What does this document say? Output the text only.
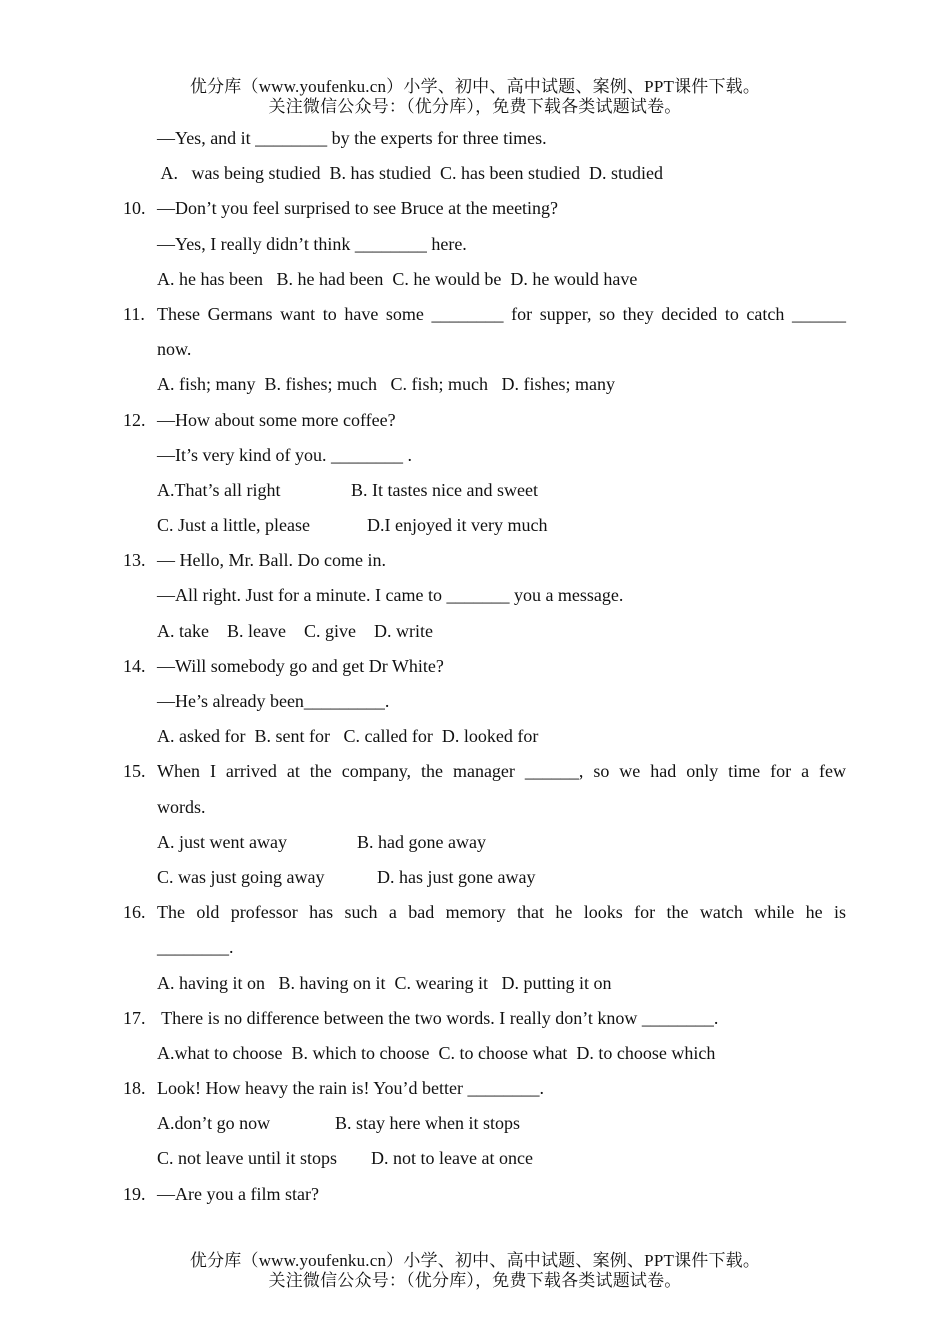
优分库（www.youfenku.cn）小学、初中、高中试题、案例、PPT课件下载。
关注微信公众号：（优分库），免费下载各类试题试卷。
—Yes, and it ________ by the experts for three times.
A.   was being studied  B. has studied  C. has been studied  D. studied
10. —Don’t you feel surprised to see Bruce at the meeting?
—Yes, I really didn’t think ________ here.
A. he has been   B. he had been  C. he would be  D. he would have
11. These Germans want to have some ________ for supper, so they decided to catch ______
now.
A. fish; many  B. fishes; much   C. fish; much   D. fishes; many
12. —How about some more coffee?
—It’s very kind of you. ________ .
A.That’s all right	B. It tastes nice and sweet
C. Just a little, please	D.I enjoyed it very much
13. — Hello, Mr. Ball. Do come in.
—All right. Just for a minute. I came to _______ you a message.
A. take    B. leave    C. give    D. write
14. —Will somebody go and get Dr White?
—He’s already been_________.
A. asked for  B. sent for   C. called for  D. looked for
15. When I arrived at the company, the manager ______, so we had only time for a few
words.
A. just went away	B. had gone away
C. was just going away	D. has just gone away
16. The old professor has such a bad memory that he looks for the watch while he is
________.
A. having it on   B. having on it  C. wearing it   D. putting it on
17. There is no difference between the two words. I really don’t know ________.
A.what to choose  B. which to choose  C. to choose what  D. to choose which
18. Look! How heavy the rain is! You’d better ________.
A.don’t go now	B. stay here when it stops
C. not leave until it stops D. not to leave at once
19. —Are you a film star?
优分库（www.youfenku.cn）小学、初中、高中试题、案例、PPT课件下载。
关注微信公众号：（优分库），免费下载各类试题试卷。
